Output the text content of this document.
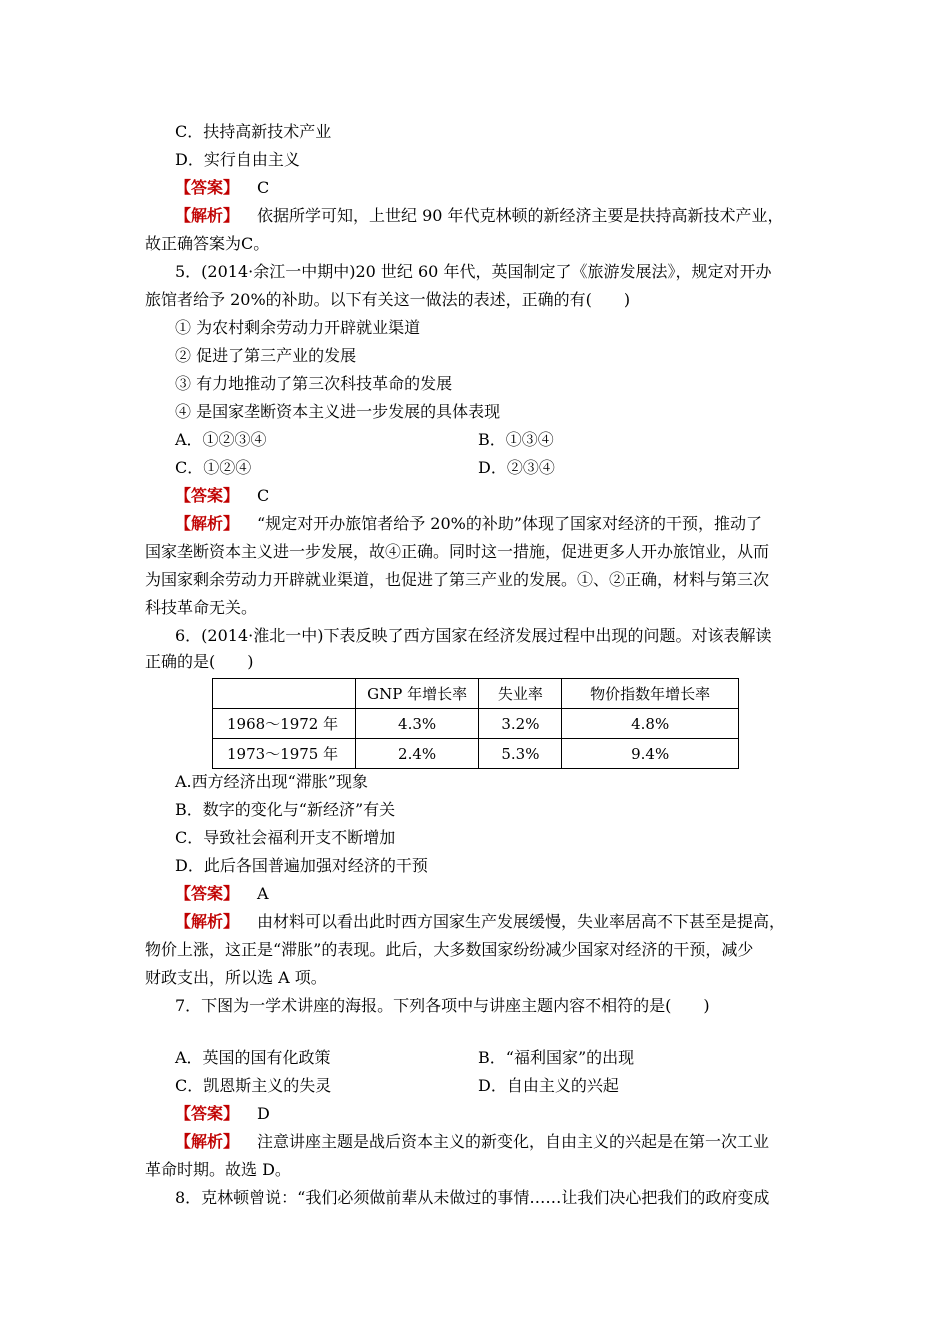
C．扶持高新技术产业
D．实行自由主义
【答案】 C
【解析】 依据所学可知，上世纪 90 年代克林顿的新经济主要是扶持高新技术产业，
故正确答案为C。
5．(2014·余江一中期中)20 世纪 60 年代，英国制定了《旅游发展法》，规定对开办
旅馆者给予 20%的补助。以下有关这一做法的表述，正确的有(　　)
① 为农村剩余劳动力开辟就业渠道
② 促进了第三产业的发展
③ 有力地推动了第三次科技革命的发展
④ 是国家垄断资本主义进一步发展的具体表现
A．①②③④	B．①③④
C．①②④	D．②③④
【答案】 C
【解析】 “规定对开办旅馆者给予 20%的补助”体现了国家对经济的干预，推动了
国家垄断资本主义进一步发展，故④正确。同时这一措施，促进更多人开办旅馆业，从而
为国家剩余劳动力开辟就业渠道，也促进了第三产业的发展。①、②正确，材料与第三次
科技革命无关。
6．(2014·淮北一中)下表反映了西方国家在经济发展过程中出现的问题。对该表解读
正确的是(　　)
	GNP 年增长率	失业率	物价指数年增长率
1968～1972 年	4.3%	3.2%	4.8%
1973～1975 年	2.4%	5.3%	9.4%
A.西方经济出现“滞胀”现象
B．数字的变化与“新经济”有关
C．导致社会福利开支不断增加
D．此后各国普遍加强对经济的干预
【答案】 A
【解析】 由材料可以看出此时西方国家生产发展缓慢，失业率居高不下甚至是提高，
物价上涨，这正是“滞胀”的表现。此后，大多数国家纷纷减少国家对经济的干预，减少
财政支出，所以选 A 项。
7．下图为一学术讲座的海报。下列各项中与讲座主题内容不相符的是(　　)
A．英国的国有化政策	B．“福利国家”的出现
C．凯恩斯主义的失灵	D．自由主义的兴起
【答案】 D
【解析】 注意讲座主题是战后资本主义的新变化，自由主义的兴起是在第一次工业
革命时期。故选 D。
8．克林顿曾说：“我们必须做前辈从未做过的事情……让我们决心把我们的政府变成
